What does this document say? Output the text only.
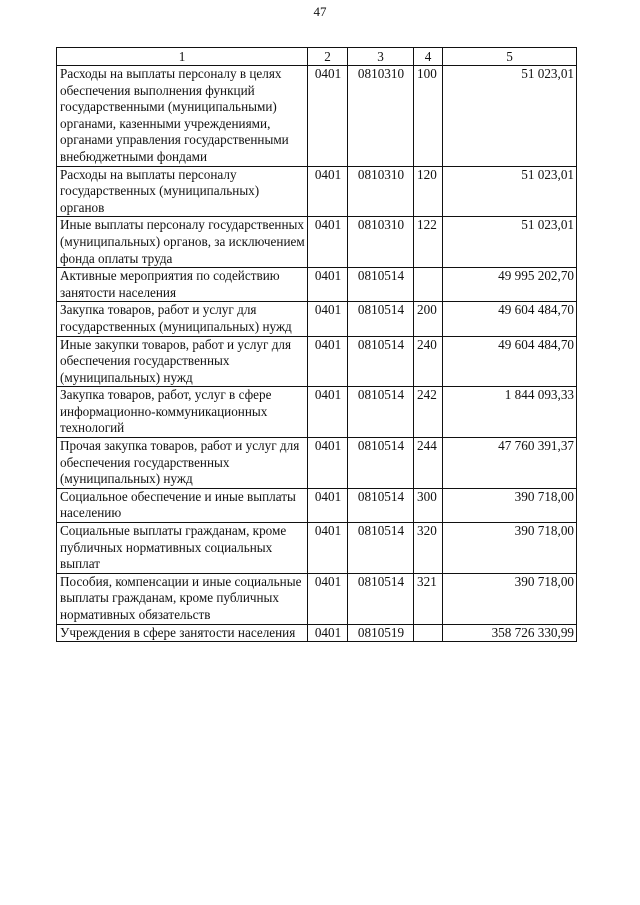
47
1	2	3	4	5
Расходы на выплаты персоналу в целях обеспечения выполнения функций государственными (муниципальными) органами, казенными учреждениями, органами управления государственными внебюджетными фондами	0401	0810310	100	51 023,01
Расходы на выплаты персоналу государственных (муниципальных) органов	0401	0810310	120	51 023,01
Иные выплаты персоналу государственных (муниципальных) органов, за исключением фонда оплаты труда	0401	0810310	122	51 023,01
Активные мероприятия по содействию занятости населения	0401	0810514		49 995 202,70
Закупка товаров, работ и услуг для государственных (муниципальных) нужд	0401	0810514	200	49 604 484,70
Иные закупки товаров, работ и услуг для обеспечения государственных (муниципальных) нужд	0401	0810514	240	49 604 484,70
Закупка товаров, работ, услуг в сфере информационно-коммуникационных технологий	0401	0810514	242	1 844 093,33
Прочая закупка товаров, работ и услуг для обеспечения государственных (муниципальных) нужд	0401	0810514	244	47 760 391,37
Социальное обеспечение и иные выплаты населению	0401	0810514	300	390 718,00
Социальные выплаты гражданам, кроме публичных нормативных социальных выплат	0401	0810514	320	390 718,00
Пособия, компенсации и иные социальные выплаты гражданам, кроме публичных нормативных обязательств	0401	0810514	321	390 718,00
Учреждения в сфере занятости населения	0401	0810519		358 726 330,99
